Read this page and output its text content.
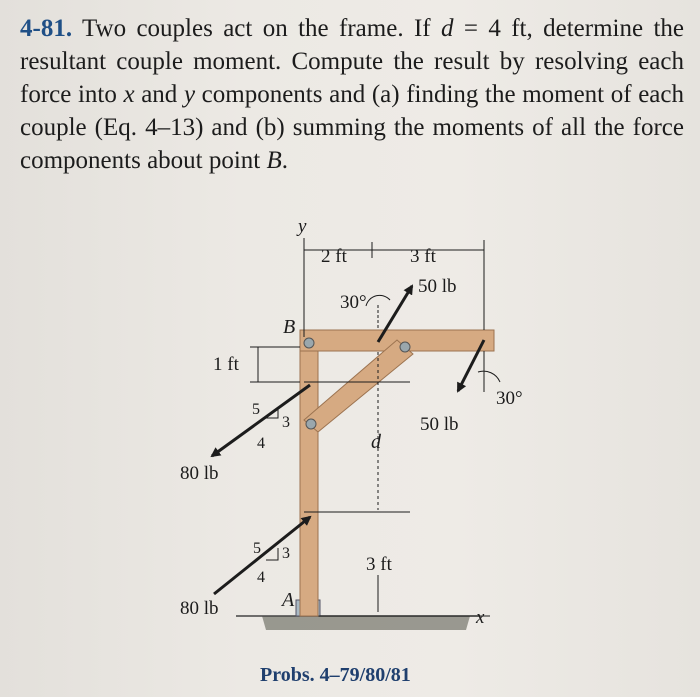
4-81. Two couples act on the frame. If d = 4 ft, determine the resultant couple moment. Compute the result by resolving each force into x and y components and (a) finding the moment of each couple (Eq. 4–13) and (b) summing the moments of all the force components about point B.
y
x
2 ft	3 ft
50 lb
30°
B
1 ft
5
3
4
30°
50 lb
d
80 lb
5 3
4
3 ft
80 lb	A
Probs. 4–79/80/81
